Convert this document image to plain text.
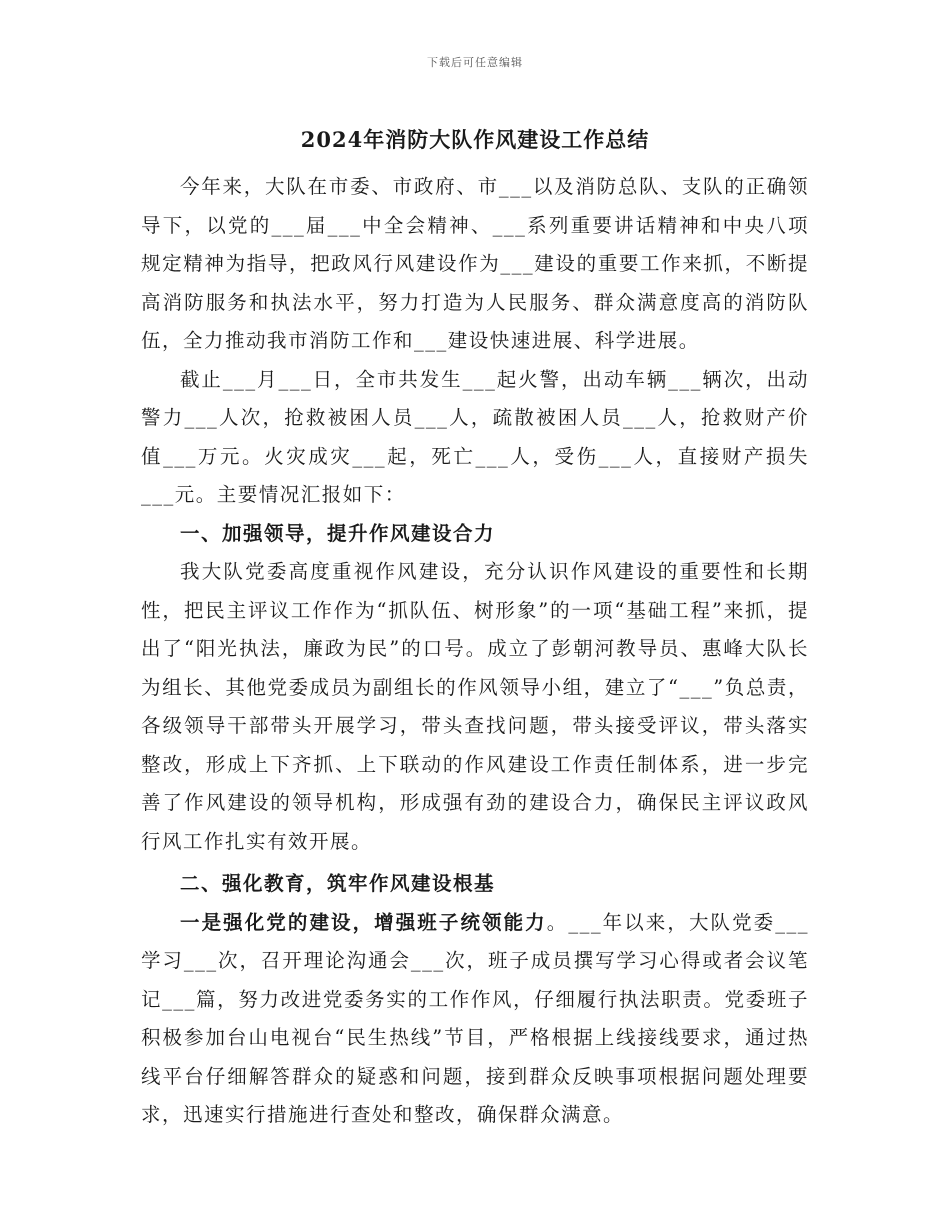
下载后可任意编辑
2024年消防大队作风建设工作总结

今年来，大队在市委、市政府、市___以及消防总队、支队的正确领导下，以党的___届___中全会精神、___系列重要讲话精神和中央八项规定精神为指导，把政风行风建设作为___建设的重要工作来抓，不断提高消防服务和执法水平，努力打造为人民服务、群众满意度高的消防队伍，全力推动我市消防工作和___建设快速进展、科学进展。

截止___月___日，全市共发生___起火警，出动车辆___辆次，出动警力___人次，抢救被困人员___人，疏散被困人员___人，抢救财产价值___万元。火灾成灾___起，死亡___人，受伤___人，直接财产损失___元。主要情况汇报如下：

一、加强领导，提升作风建设合力

我大队党委高度重视作风建设，充分认识作风建设的重要性和长期性，把民主评议工作作为“抓队伍、树形象”的一项“基础工程”来抓，提出了“阳光执法，廉政为民”的口号。成立了彭朝河教导员、惠峰大队长为组长、其他党委成员为副组长的作风领导小组，建立了“___”负总责，各级领导干部带头开展学习，带头查找问题，带头接受评议，带头落实整改，形成上下齐抓、上下联动的作风建设工作责任制体系，进一步完善了作风建设的领导机构，形成强有劲的建设合力，确保民主评议政风行风工作扎实有效开展。

二、强化教育，筑牢作风建设根基

一是强化党的建设，增强班子统领能力。___年以来，大队党委___学习___次，召开理论沟通会___次，班子成员撰写学习心得或者会议笔记___篇，努力改进党委务实的工作作风，仔细履行执法职责。党委班子积极参加台山电视台“民生热线”节目，严格根据上线接线要求，通过热线平台仔细解答群众的疑惑和问题，接到群众反映事项根据问题处理要求，迅速实行措施进行查处和整改，确保群众满意。
